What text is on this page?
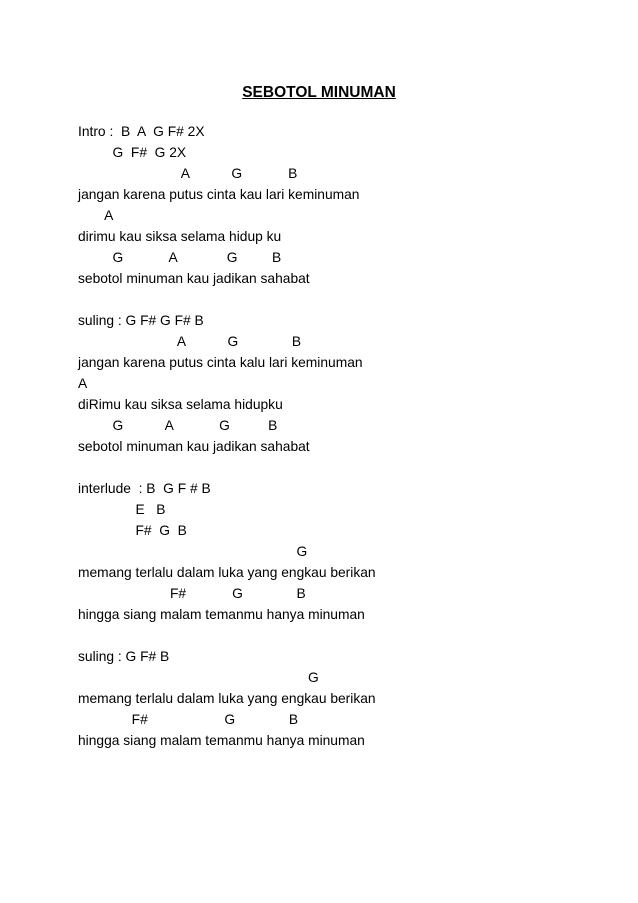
SEBOTOL MINUMAN
Intro :  B  A  G F# 2X
G  F#  G 2X
A           G            B
jangan karena putus cinta kau lari keminuman
A
dirimu kau siksa selama hidup ku
G            A             G         B
sebotol minuman kau jadikan sahabat
suling : G F# G F# B
A           G              B
jangan karena putus cinta kalu lari keminuman
A
diRimu kau siksa selama hidupku
G           A            G          B
sebotol minuman kau jadikan sahabat
interlude  : B  G F # B
E   B
F#  G  B
G
memang terlalu dalam luka yang engkau berikan
F#            G              B
hingga siang malam temanmu hanya minuman
suling : G F# B
G
memang terlalu dalam luka yang engkau berikan
F#                    G              B
hingga siang malam temanmu hanya minuman
